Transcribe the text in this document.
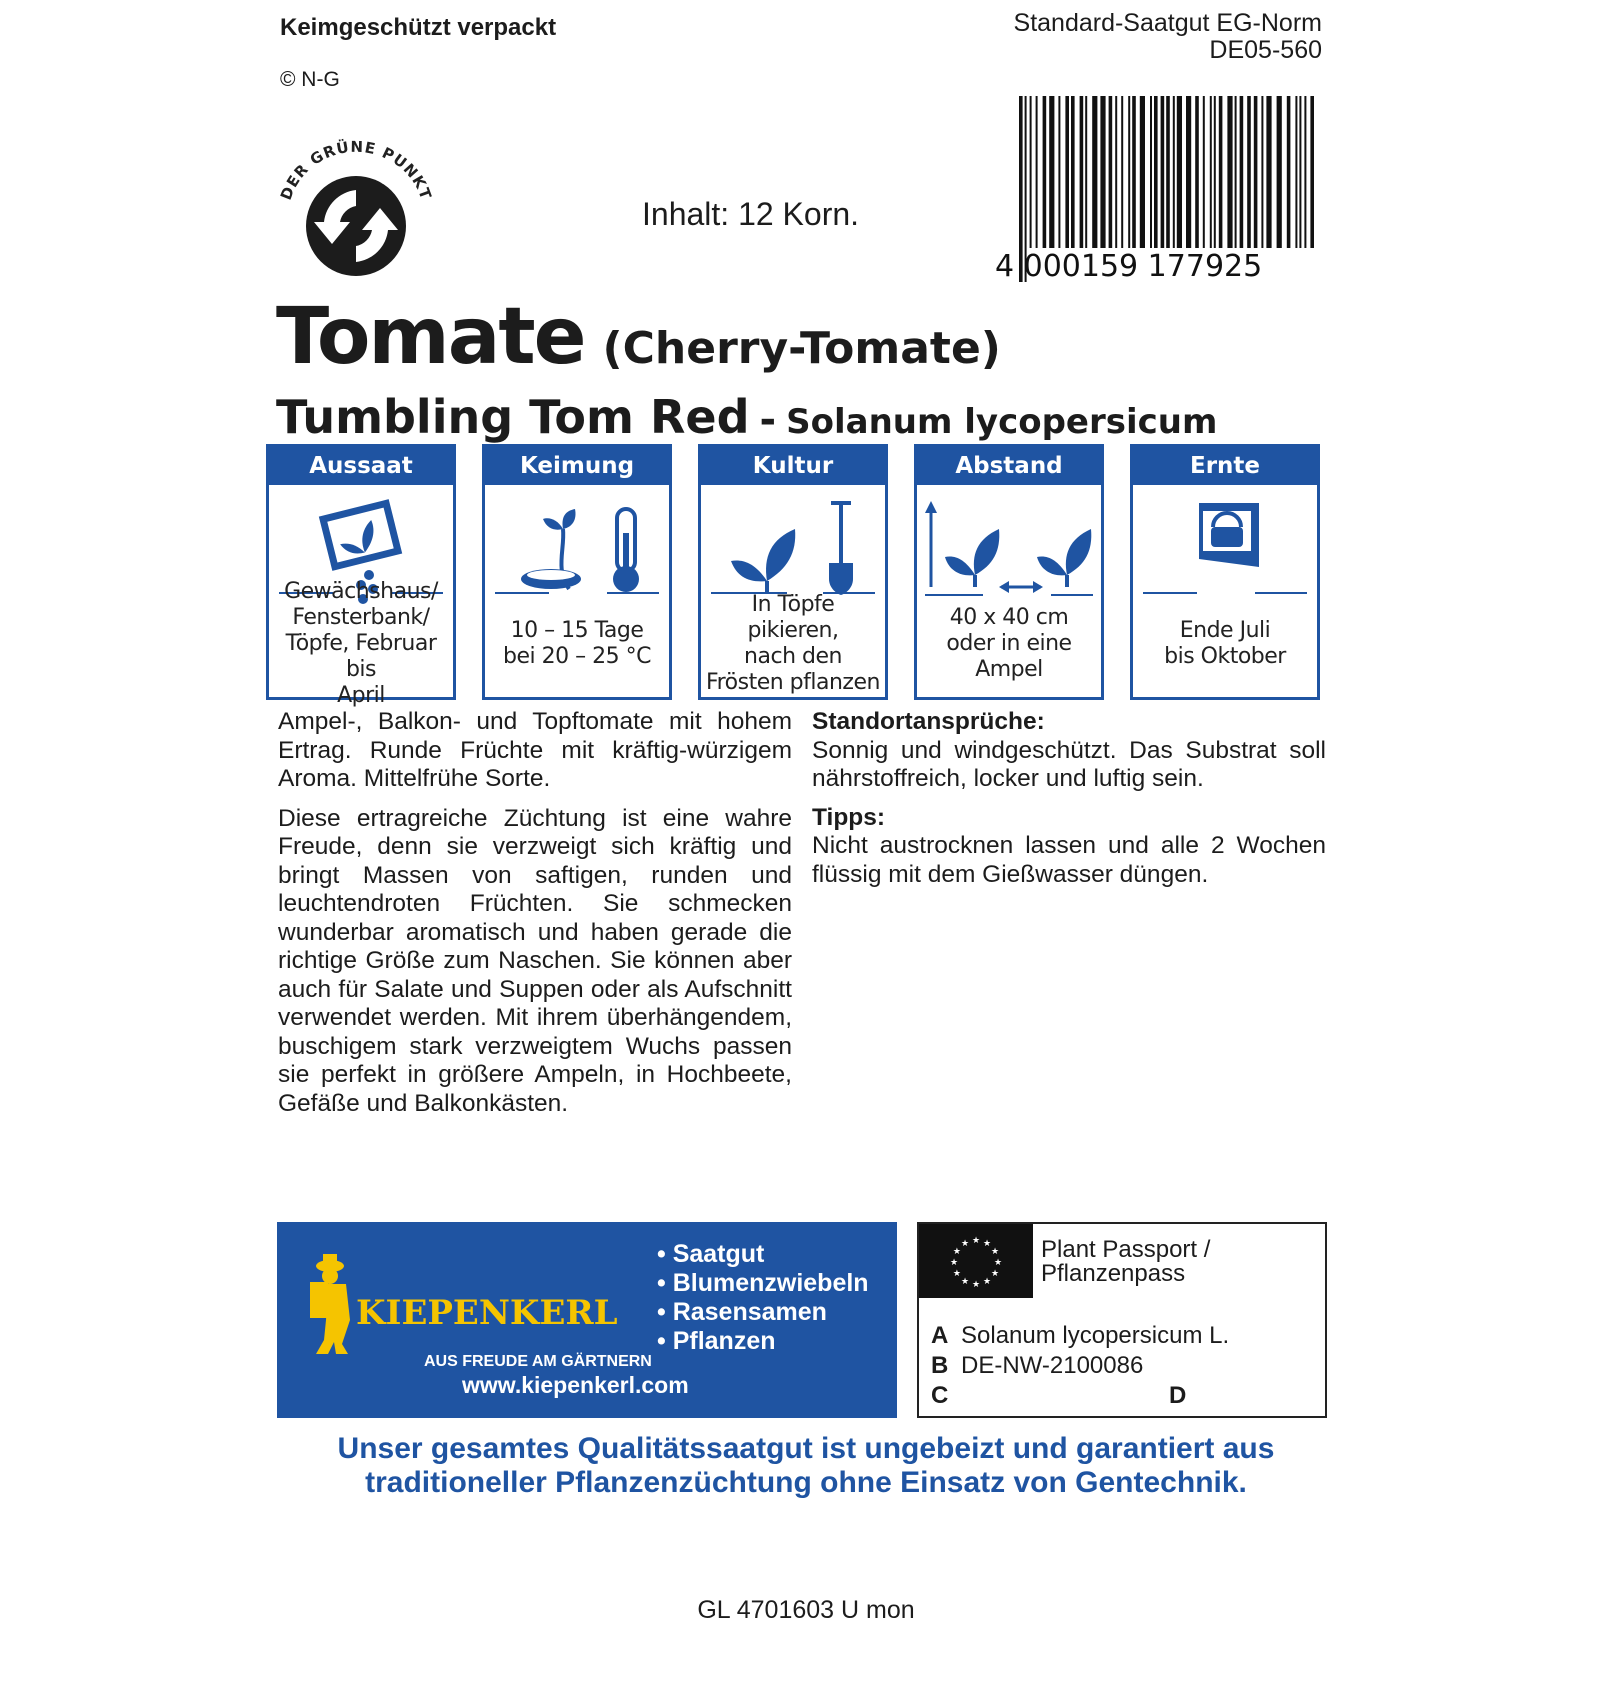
Keimgeschützt verpackt
© N-G
Standard-Saatgut EG-Norm
DE05-560
DER GRÜNE PUNKT
Inhalt: 12 Korn.
4 000159 177925
Tomate (Cherry-Tomate)
Tumbling Tom Red - Solanum lycopersicum
Aussaat
Gewächshaus/
Fensterbank/
Töpfe, Februar bis
April
Keimung
10 – 15 Tage
bei 20 – 25 °C
Kultur
In Töpfe pikieren,
nach den
Frösten pflanzen
Abstand
40 x 40 cm
oder in eine
Ampel
Ernte
Ende Juli
bis Oktober

Ampel-, Balkon- und Topftomate mit hohem Ertrag. Runde Früchte mit kräftig-würzigem Aroma. Mittelfrühe Sorte.

Diese ertragreiche Züchtung ist eine wahre Freude, denn sie verzweigt sich kräftig und bringt Massen von saftigen, runden und leuchtendroten Früchten. Sie schmecken wunderbar aromatisch und haben gerade die richtige Größe zum Naschen. Sie können aber auch für Salate und Suppen oder als Aufschnitt verwendet werden. Mit ihrem überhängendem, buschigem stark verzweigtem Wuchs passen sie perfekt in größere Ampeln, in Hochbeete, Gefäße und Balkonkästen.

Standortansprüche:

Sonnig und windgeschützt. Das Substrat soll nährstoffreich, locker und luftig sein.

Tipps:

Nicht austrocknen lassen und alle 2 Wochen flüssig mit dem Gießwasser düngen.

KIEPENKERL
AUS FREUDE AM GÄRTNERN
• Saatgut
• Blumenzwiebeln
• Rasensamen
• Pflanzen
www.kiepenkerl.com
★
★
★
★
★
★
★
★
★ ★ ★
★ Plant Passport /
Pflanzenpass
A Solanum lycopersicum L.
B DE-NW-2100086
C	D
Unser gesamtes Qualitätssaatgut ist ungebeizt und garantiert aus
traditioneller Pflanzenzüchtung ohne Einsatz von Gentechnik.
GL 4701603 U mon
